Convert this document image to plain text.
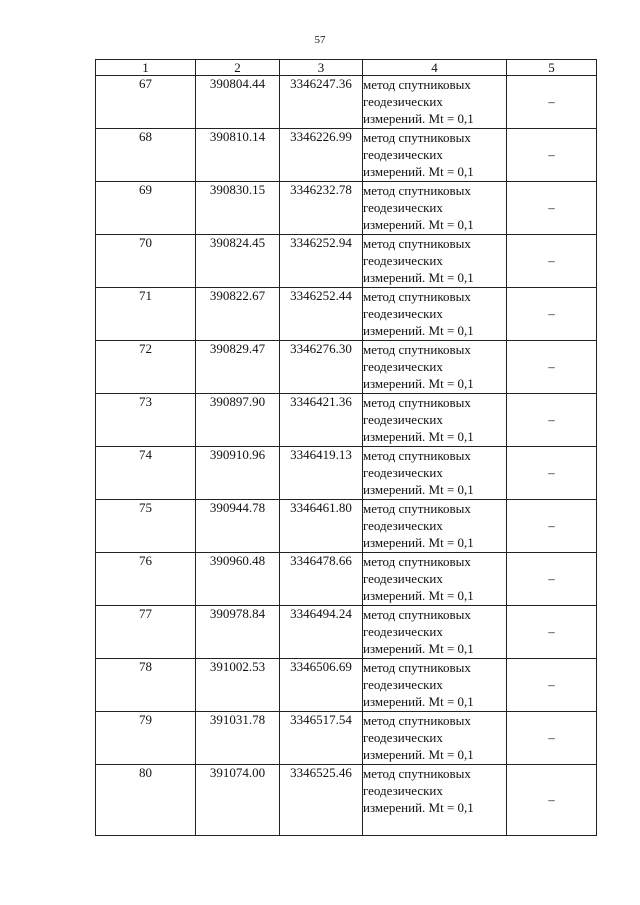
57
1	2	3	4	5
67	390804.44	3346247.36	метод спутниковых
геодезических
измерений. Mt = 0,1	–
68	390810.14	3346226.99	метод спутниковых
геодезических
измерений. Mt = 0,1	–
69	390830.15	3346232.78	метод спутниковых
геодезических
измерений. Mt = 0,1	–
70	390824.45	3346252.94	метод спутниковых
геодезических
измерений. Mt = 0,1	–
71	390822.67	3346252.44	метод спутниковых
геодезических
измерений. Mt = 0,1	–
72	390829.47	3346276.30	метод спутниковых
геодезических
измерений. Mt = 0,1	–
73	390897.90	3346421.36	метод спутниковых
геодезических
измерений. Mt = 0,1	–
74	390910.96	3346419.13	метод спутниковых
геодезических
измерений. Mt = 0,1	–
75	390944.78	3346461.80	метод спутниковых
геодезических
измерений. Mt = 0,1	–
76	390960.48	3346478.66	метод спутниковых
геодезических
измерений. Mt = 0,1	–
77	390978.84	3346494.24	метод спутниковых
геодезических
измерений. Mt = 0,1	–
78	391002.53	3346506.69	метод спутниковых
геодезических
измерений. Mt = 0,1	–
79	391031.78	3346517.54	метод спутниковых
геодезических
измерений. Mt = 0,1	–
80	391074.00	3346525.46	метод спутниковых
геодезических
измерений. Mt = 0,1	–
